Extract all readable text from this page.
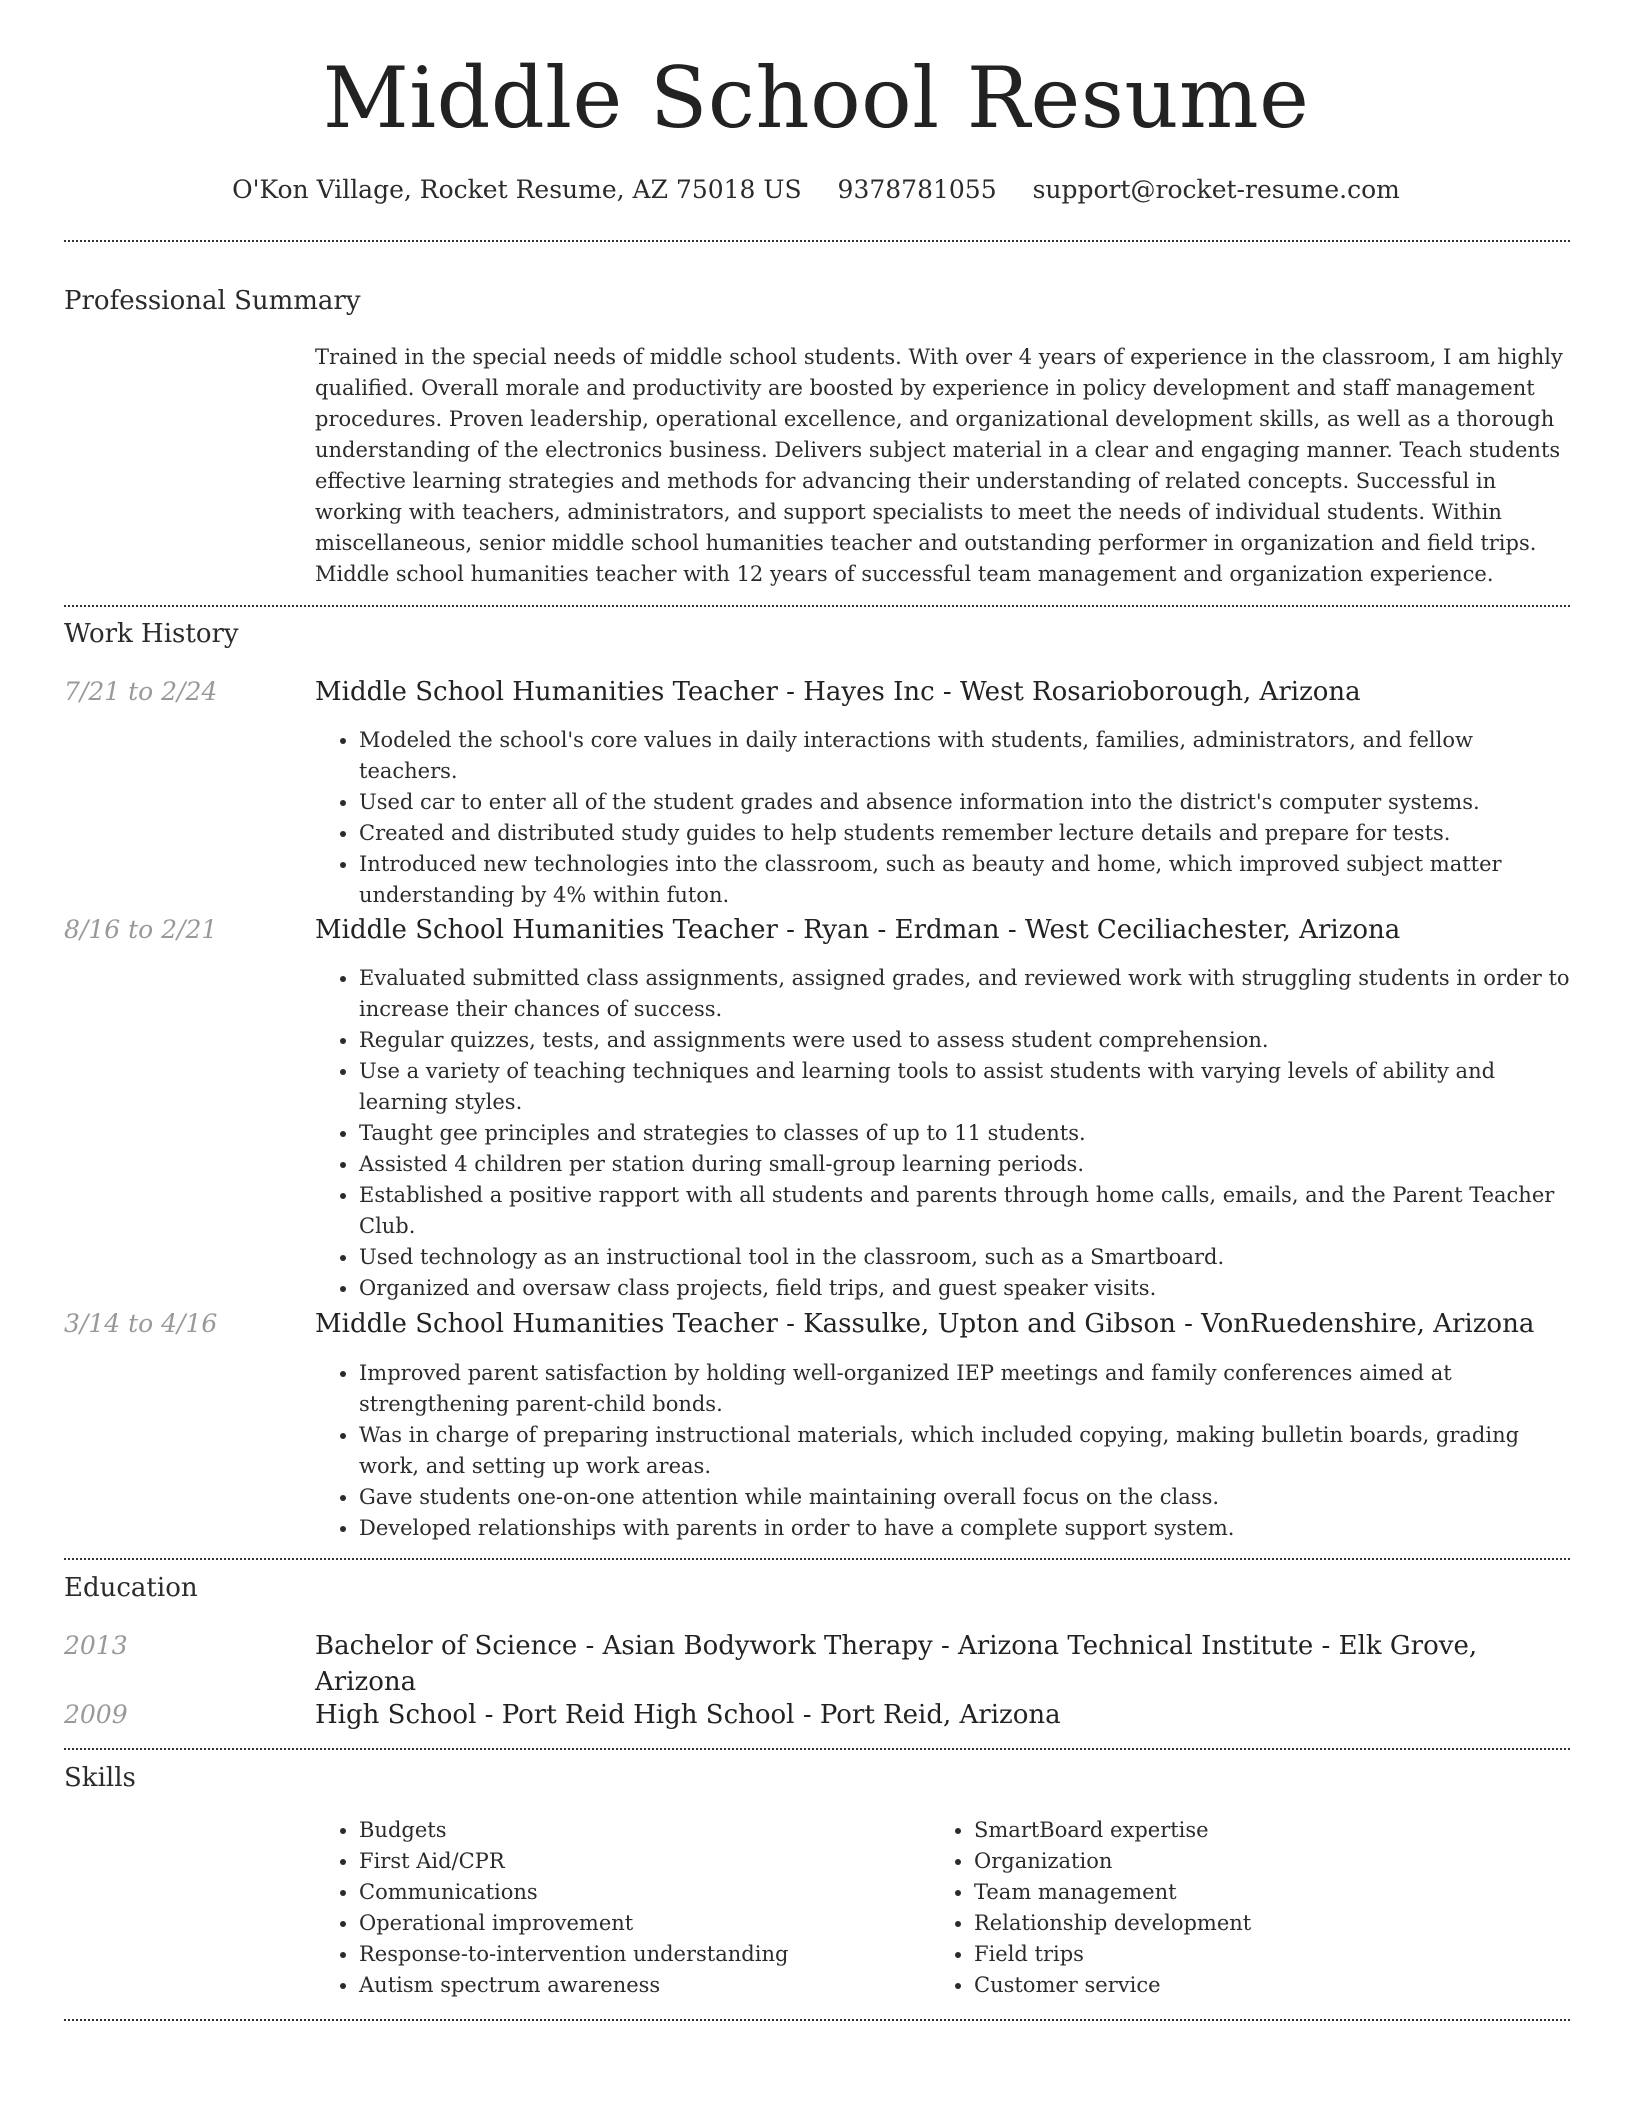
Middle School Resume
O'Kon Village, Rocket Resume, AZ 75018 US 9378781055 support@rocket-resume.com
Professional Summary

Trained in the special needs of middle school students. With over 4 years of experience in the classroom, I am highly qualified. Overall morale and productivity are boosted by experience in policy development and staff management procedures. Proven leadership, operational excellence, and organizational development skills, as well as a thorough understanding of the electronics business. Delivers subject material in a clear and engaging manner. Teach students effective learning strategies and methods for advancing their understanding of related concepts. Successful in working with teachers, administrators, and support specialists to meet the needs of individual students. Within miscellaneous, senior middle school humanities teacher and outstanding performer in organization and field trips. Middle school humanities teacher with 12 years of successful team management and organization experience.

Work History
7/21 to 2/24	Middle School Humanities Teacher - Hayes Inc - West Rosarioborough, Arizona
• Modeled the school's core values in daily interactions with students, families, administrators, and fellow teachers.
• Used car to enter all of the student grades and absence information into the district's computer systems.
• Created and distributed study guides to help students remember lecture details and prepare for tests.
• Introduced new technologies into the classroom, such as beauty and home, which improved subject matter understanding by 4% within futon.
8/16 to 2/21	Middle School Humanities Teacher - Ryan - Erdman - West Ceciliachester, Arizona
• Evaluated submitted class assignments, assigned grades, and reviewed work with struggling students in order to increase their chances of success.
• Regular quizzes, tests, and assignments were used to assess student comprehension.
• Use a variety of teaching techniques and learning tools to assist students with varying levels of ability and learning styles.
• Taught gee principles and strategies to classes of up to 11 students.
• Assisted 4 children per station during small-group learning periods.
• Established a positive rapport with all students and parents through home calls, emails, and the Parent Teacher Club.
• Used technology as an instructional tool in the classroom, such as a Smartboard.
• Organized and oversaw class projects, field trips, and guest speaker visits.
3/14 to 4/16	Middle School Humanities Teacher - Kassulke, Upton and Gibson - VonRuedenshire, Arizona
• Improved parent satisfaction by holding well-organized IEP meetings and family conferences aimed at strengthening parent-child bonds.
• Was in charge of preparing instructional materials, which included copying, making bulletin boards, grading work, and setting up work areas.
• Gave students one-on-one attention while maintaining overall focus on the class.
• Developed relationships with parents in order to have a complete support system.
Education
2013	Bachelor of Science - Asian Bodywork Therapy - Arizona Technical Institute - Elk Grove, Arizona
2009	High School - Port Reid High School - Port Reid, Arizona
Skills
• Budgets
• First Aid/CPR
• Communications
• Operational improvement
• Response-to-intervention understanding
• Autism spectrum awareness
• SmartBoard expertise
• Organization
• Team management
• Relationship development
• Field trips
• Customer service
